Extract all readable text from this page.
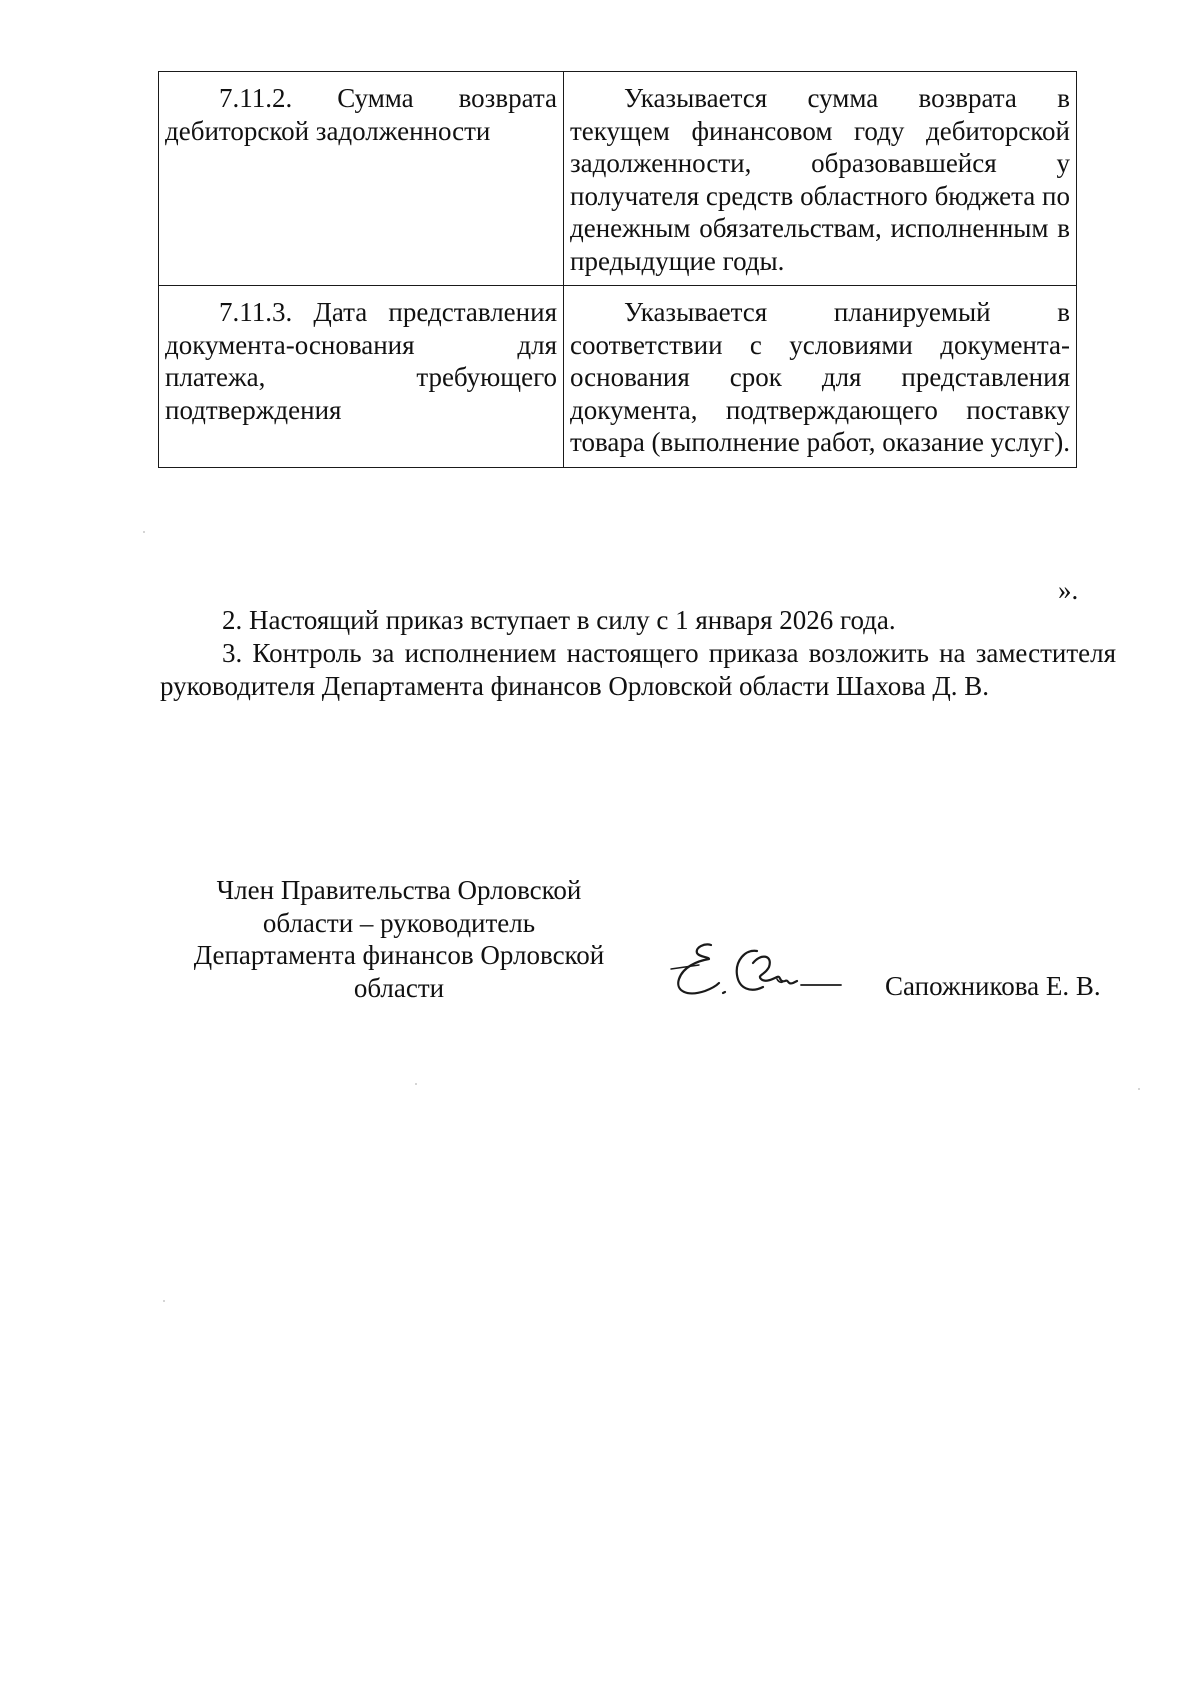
7.11.2. Сумма возврата дебиторской задолженности	Указывается сумма возврата в текущем финансовом году дебиторской задолженности, образовавшейся у получателя средств областного бюджета по денежным обязательствам, исполненным в предыдущие годы.

7.11.3. Дата представления документа-основания для платежа, требующего подтверждения	Указывается планируемый в соответствии с условиями документа-основания срок для представления документа, подтверждающего поставку товара (выполнение работ, оказание услуг).

».

2. Настоящий приказ вступает в силу с 1 января 2026 года.

3. Контроль за исполнением настоящего приказа возложить на заместителя руководителя Департамента финансов Орловской области Шахова Д. В.

Член Правительства Орловской
области – руководитель
Департамента финансов Орловской
области	Сапожникова Е. В.
